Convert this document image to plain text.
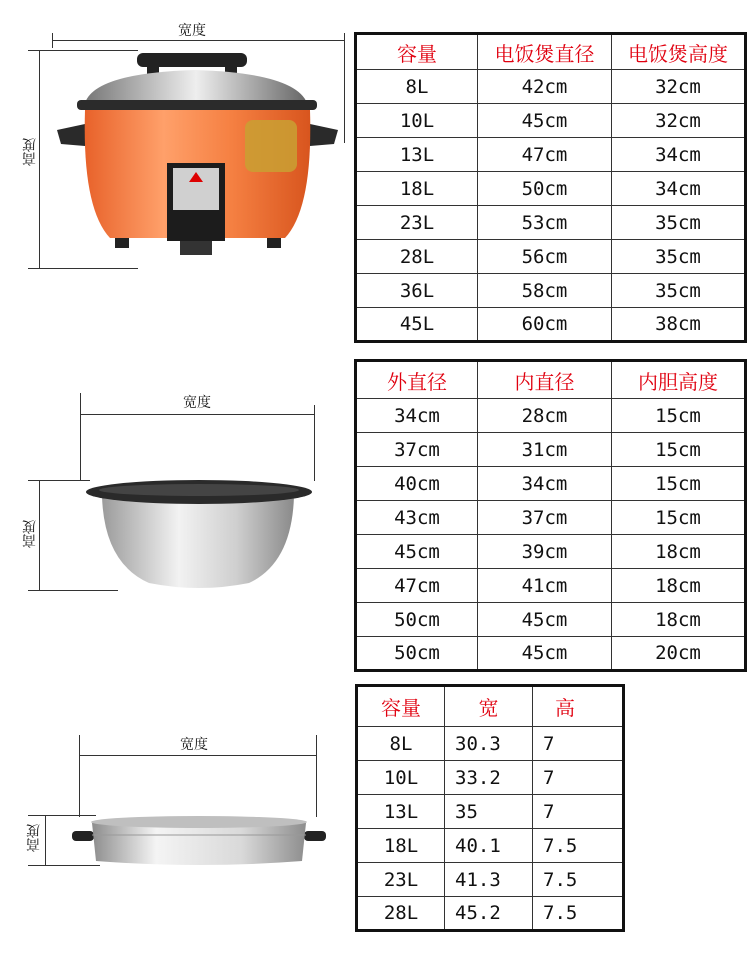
宽度
高度
容量	电饭煲直径	电饭煲高度
8L	42cm	32cm
10L	45cm	32cm
13L	47cm	34cm
18L	50cm	34cm
23L	53cm	35cm
28L	56cm	35cm
36L	58cm	35cm
45L	60cm	38cm
宽度
高度
外直径	内直径	内胆高度
34cm	28cm	15cm
37cm	31cm	15cm
40cm	34cm	15cm
43cm	37cm	15cm
45cm	39cm	18cm
47cm	41cm	18cm
50cm	45cm	18cm
50cm	45cm	20cm
宽度
高度
容量	宽	高
8L	30.3	7
10L	33.2	7
13L	35	7
18L	40.1	7.5
23L	41.3	7.5
28L	45.2	7.5
